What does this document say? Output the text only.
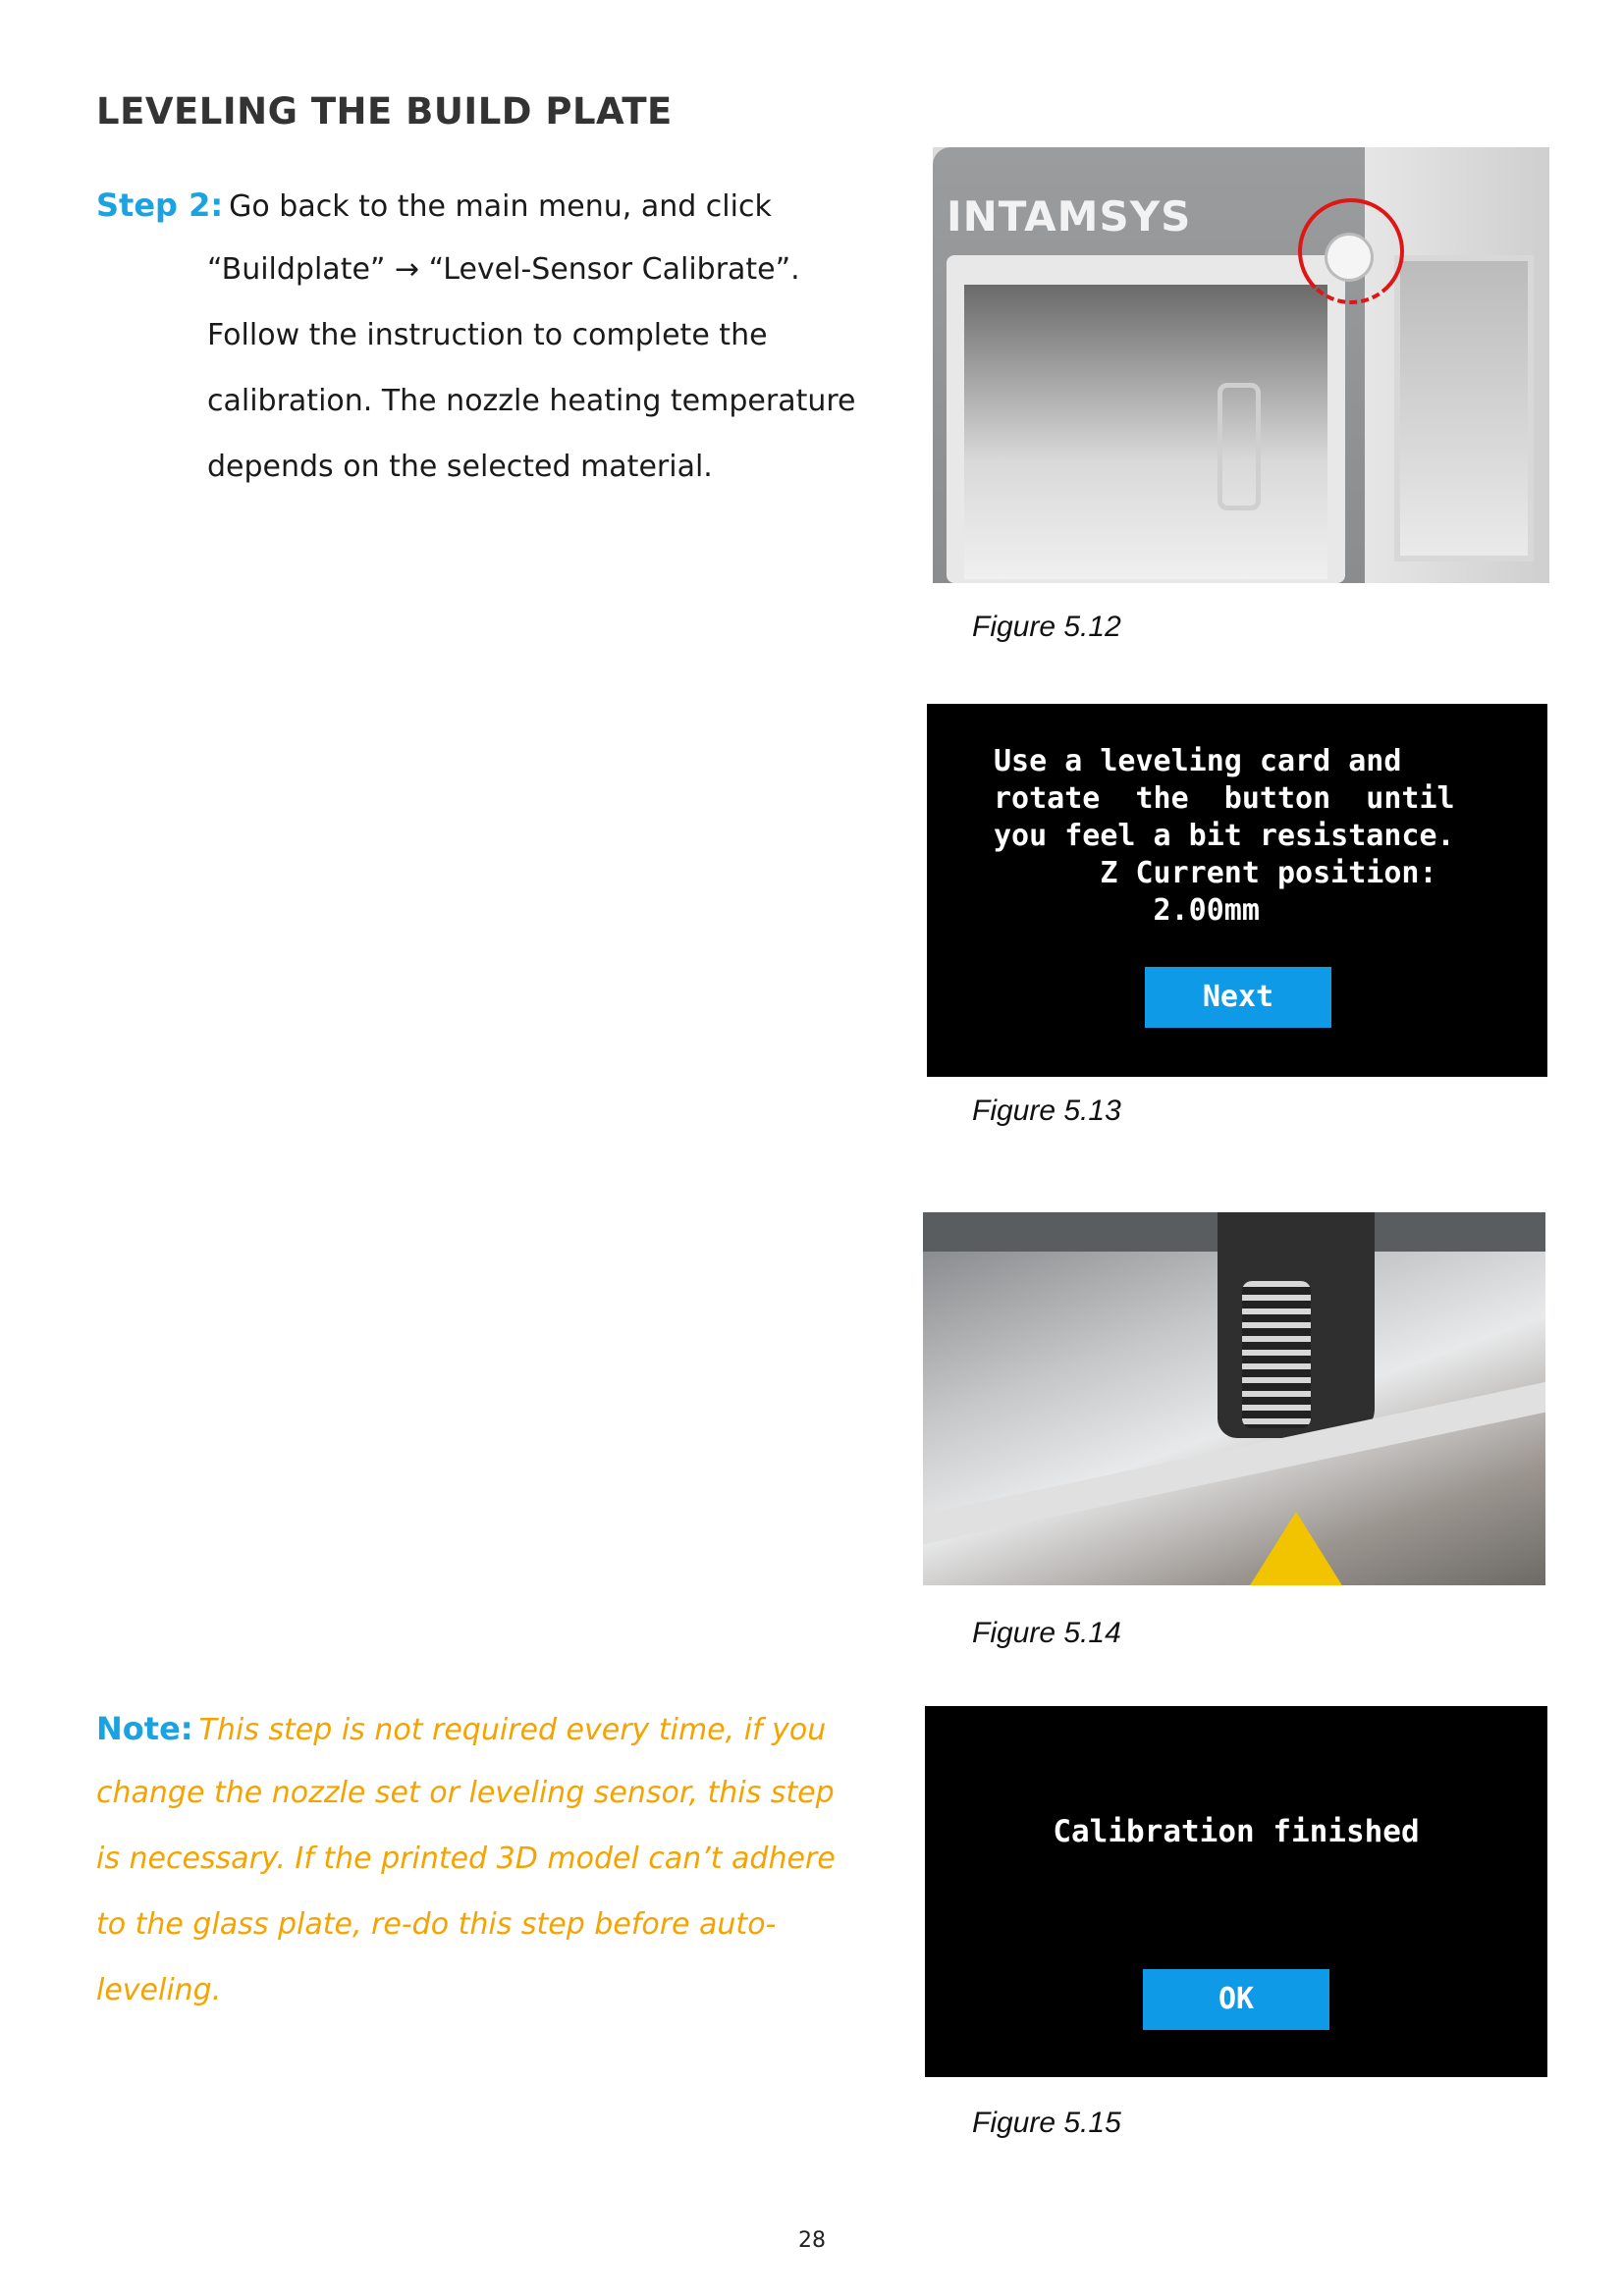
LEVELING THE BUILD PLATE
Step 2: Go back to the main menu, and click
“Buildplate” → “Level-Sensor Calibrate”.
Follow the instruction to complete the
calibration. The nozzle heating temperature
depends on the selected material.
INTAMSYS
Figure 5.12
Use a leveling card and
rotate  the  button  until
you feel a bit resistance.
Z Current position:
2.00mm
Next
Figure 5.13
Figure 5.14
Note: This step is not required every time, if you
change the nozzle set or leveling sensor, this step
is necessary. If the printed 3D model can’t adhere
to the glass plate, re-do this step before auto-
leveling.
Calibration finished
OK
Figure 5.15
28
